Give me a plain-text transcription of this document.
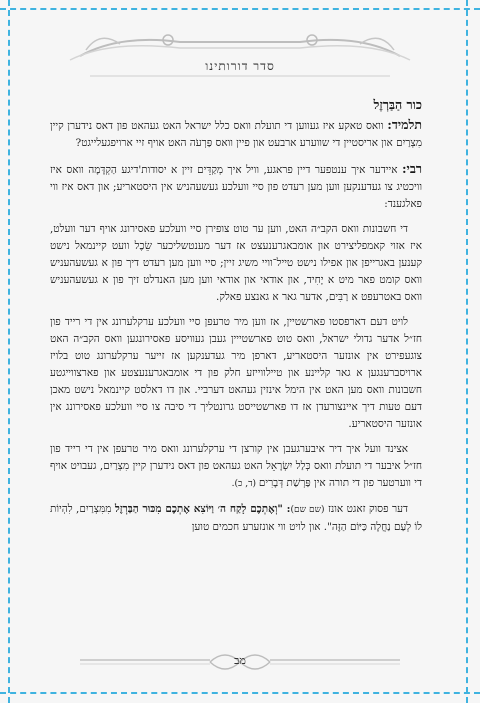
סדר דורותינו

כור הַבַּרְזֶל

תלמיד: וואס טאקע איז געווען די תועלת וואס כלל ישראל האט געהאט פון דאס נידערן קיין מִצְרַיִם און אריסטיין די שווערע ארבעט און פיין וואס פַּרְעֹה האט אויף זיי ארויפגעלייגט?

רבי: איידער איך ענטפער דיין פראגע, וויל איך מְקַדֵּים זיין א יסודות'דיגע הַקְדָּמָה וואס איז וויכטיג צו געדענקען ווען מען רעדט פון סיי וועלכע געשעהניש אין היסטאריע; און דאס איז ווי פאלגענד:

די חשבונות וואס הקב״ה האט, ווען ער טוט צופירן סיי וועלכע פאסירונג אויף דער וועלט, איז אזוי קאמפליצירט און אומבאגרענעצט אז דער מענטשליכער שֵׂכֶל וועט קיינמאל נישט קענען באגרייפן און אפילו נישט טייל־וויי משיג זיין; סיי ווען מען רעדט דיך פון א געשעהעניש וואס קומט פאר מיט א יָחִיד, און אודאי און אודאי ווען מען האנדלט זיך פון א געשעהעניש וואס באטרעפט א רַבִּים, אדער גאר א גאנצע פאלק.

לויט דעם דארפסטו פארשטיין, אז ווען מיר טרעפן סיי וועלכע ערקלערונג אין די רייד פון חז״ל אדער גדולי ישראל, וואס טוט פארשטייין געבן געוויסע פאסירונגען וואס הקב״ה האט צוגעפירט אין אונזער היסטאריע, דארפן מיר געדענקען אז זייער ערקלערונג טוט בלויז ארויסברענגען א גאר קליינע און טיילווייזע חלק פון די אומבאגרענעצטע און פארצווייגטע חשבונות וואס מען האט אין הימל אינזין געהאט דערביי. און דו דאלסט קיינמאל נישט מאכן דעם טעות דיך איינצורעדן אז דו פארשטייסט גרונטליך די סיבה צו סיי וועלכע פאסירונג אין אונזער היסטאריע.

אצינד וועל איך דיר איבערגעבן אין קורצן די ערקלערונג וואס מיר טרעפן אין די רייד פון חז״ל איבער די תועלת וואס כְּלַל יִשְׂרָאֵל האט געהאט פון דאס נידערן קיין מִצְרַיִם, געבויט אויף די ווערטער פון די תורה אין פַּרְשַׁת דְּבָרִים (ד, כ).

דער פסוק זאגט אונז (שם שם): "וְאֶתְכֶם לָקַח ה׳ וַיּוֹצִא אֶתְכֶם מִכּוּר הַבַּרְזֶל מִמִּצְרַיִם, לִהְיוֹת לוֹ לְעַם נַחֲלָה כַּיּוֹם הַזֶּה". און לויט ווי אונזערע חכמים טוען

מב
